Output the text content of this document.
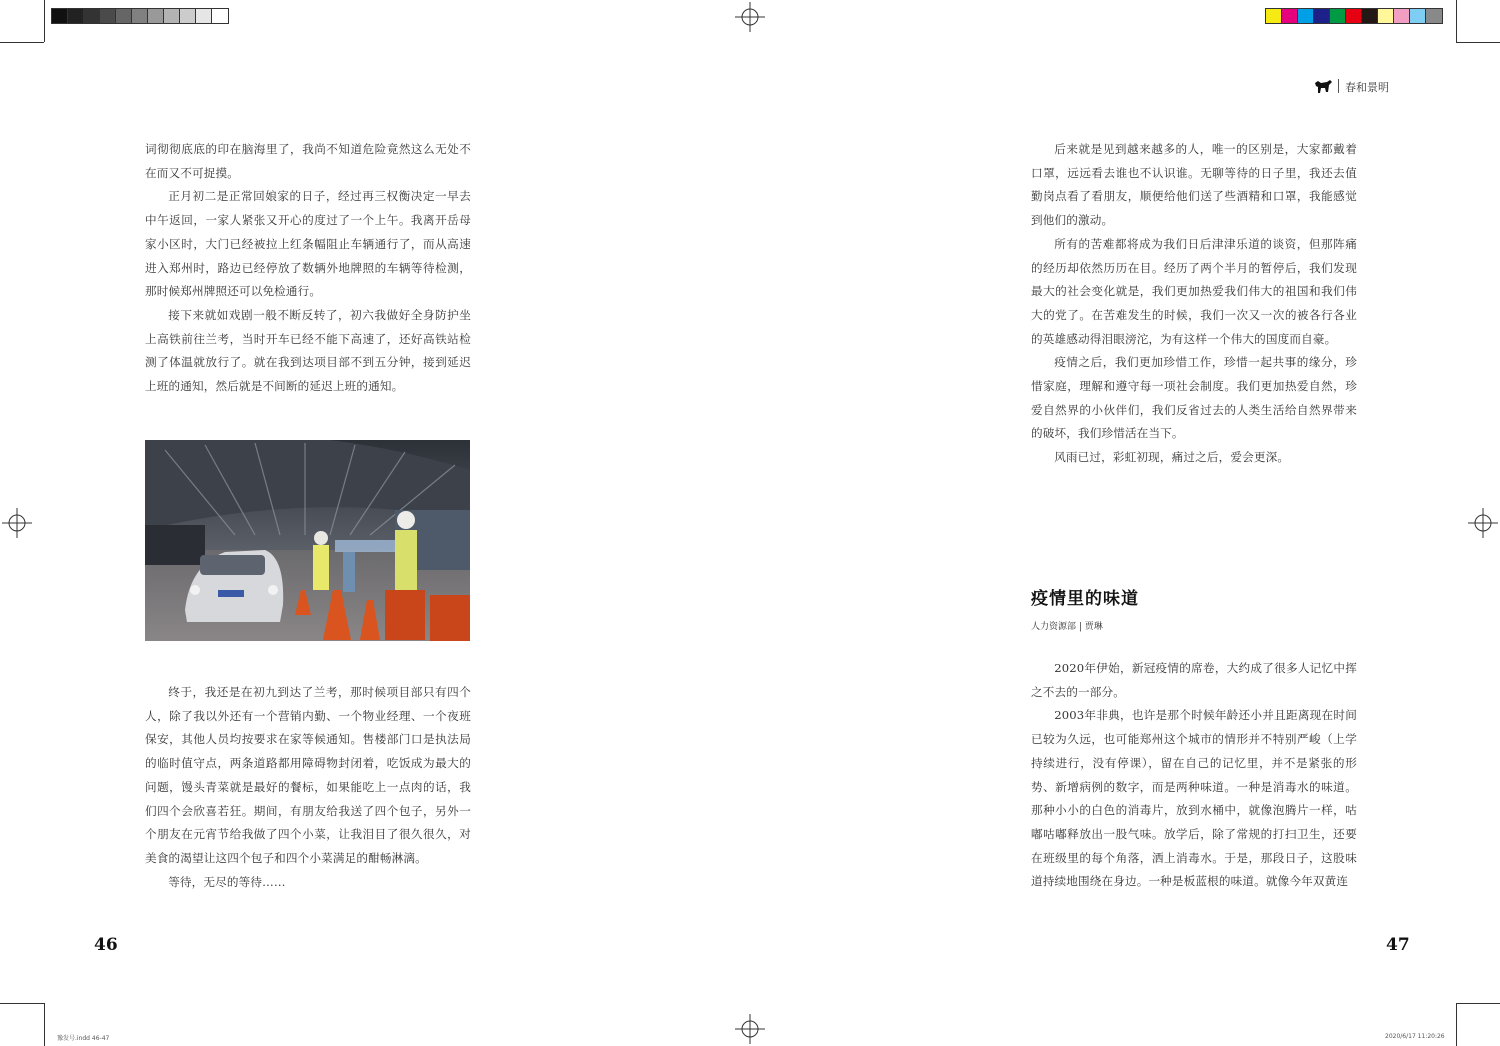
春和景明

词彻彻底底的印在脑海里了，我尚不知道危险竟然这么无处不在而又不可捉摸。

正月初二是正常回娘家的日子，经过再三权衡决定一早去中午返回，一家人紧张又开心的度过了一个上午。我离开岳母家小区时，大门已经被拉上红条幅阻止车辆通行了，而从高速进入郑州时，路边已经停放了数辆外地牌照的车辆等待检测，那时候郑州牌照还可以免检通行。

接下来就如戏剧一般不断反转了，初六我做好全身防护坐上高铁前往兰考，当时开车已经不能下高速了，还好高铁站检测了体温就放行了。就在我到达项目部不到五分钟，接到延迟上班的通知，然后就是不间断的延迟上班的通知。

终于，我还是在初九到达了兰考，那时候项目部只有四个人，除了我以外还有一个营销内勤、一个物业经理、一个夜班保安，其他人员均按要求在家等候通知。售楼部门口是执法局的临时值守点，两条道路都用障碍物封闭着，吃饭成为最大的问题，馒头青菜就是最好的餐标，如果能吃上一点肉的话，我们四个会欣喜若狂。期间，有朋友给我送了四个包子，另外一个朋友在元宵节给我做了四个小菜，让我泪目了很久很久，对美食的渴望让这四个包子和四个小菜满足的酣畅淋漓。

等待，无尽的等待……

46

后来就是见到越来越多的人，唯一的区别是，大家都戴着口罩，远远看去谁也不认识谁。无聊等待的日子里，我还去值勤岗点看了看朋友，顺便给他们送了些酒精和口罩，我能感觉到他们的激动。

所有的苦难都将成为我们日后津津乐道的谈资，但那阵痛的经历却依然历历在目。经历了两个半月的暂停后，我们发现最大的社会变化就是，我们更加热爱我们伟大的祖国和我们伟大的党了。在苦难发生的时候，我们一次又一次的被各行各业的英雄感动得泪眼滂沱，为有这样一个伟大的国度而自豪。

疫情之后，我们更加珍惜工作，珍惜一起共事的缘分，珍惜家庭，理解和遵守每一项社会制度。我们更加热爱自然，珍爱自然界的小伙伴们，我们反省过去的人类生活给自然界带来的破坏，我们珍惜活在当下。

风雨已过，彩虹初现，痛过之后，爱会更深。

疫情里的味道
人力资源部 | 贾琳

2020年伊始，新冠疫情的席卷，大约成了很多人记忆中挥之不去的一部分。

2003年非典，也许是那个时候年龄还小并且距离现在时间已较为久远，也可能郑州这个城市的情形并不特别严峻（上学持续进行，没有停课），留在自己的记忆里，并不是紧张的形势、新增病例的数字，而是两种味道。一种是消毒水的味道。那种小小的白色的消毒片，放到水桶中，就像泡腾片一样，咕嘟咕嘟释放出一股气味。放学后，除了常规的打扫卫生，还要在班级里的每个角落，洒上消毒水。于是，那段日子，这股味道持续地围绕在身边。一种是板蓝根的味道。就像今年双黄连

47
豫发号.indd 46-47	2020/6/17 11:20:26
